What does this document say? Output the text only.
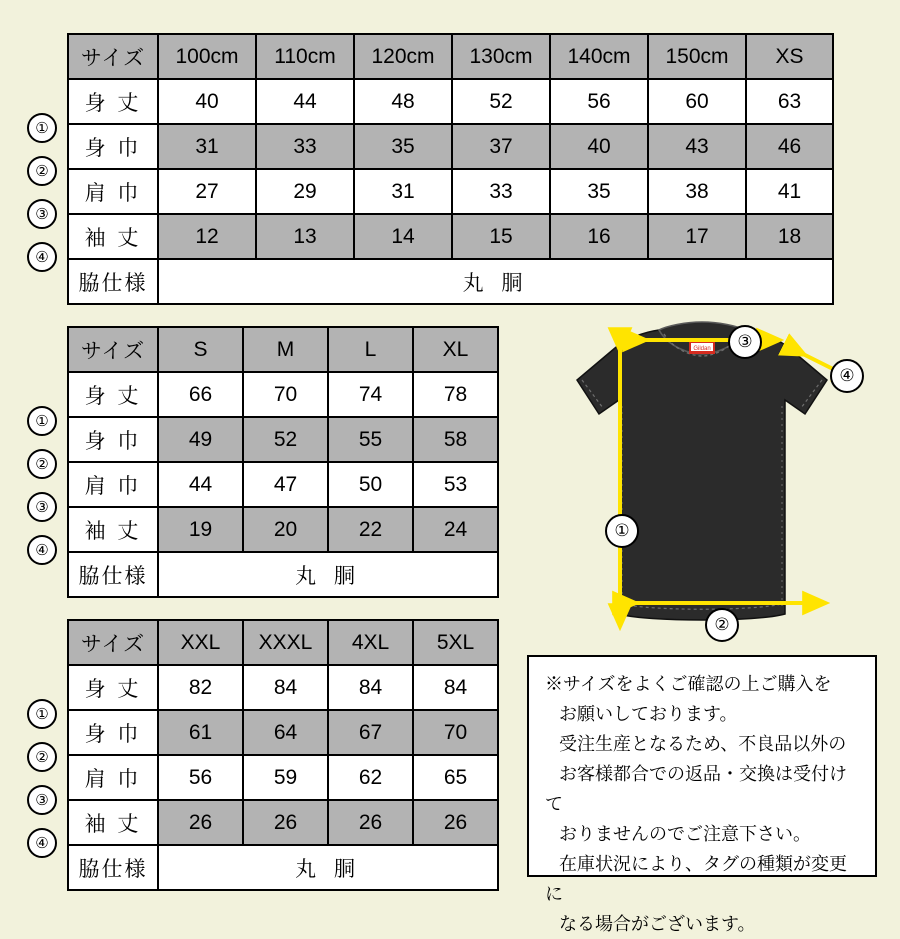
サイズ	100cm	110cm	120cm	130cm	140cm	150cm	XS
身 丈	40	44	48	52	56	60	63
身 巾	31	33	35	37	40	43	46
肩 巾	27	29	31	33	35	38	41
袖 丈	12	13	14	15	16	17	18
脇仕様	丸 胴						
①
②
③
④
サイズ	S	M	L	XL
身 丈	66	70	74	78
身 巾	49	52	55	58
肩 巾	44	47	50	53
袖 丈	19	20	22	24
脇仕様	丸 胴			
①
②
③
④
サイズ	XXL	XXXL	4XL	5XL
身 丈	82	84	84	84
身 巾	61	64	67	70
肩 巾	56	59	62	65
袖 丈	26	26	26	26
脇仕様	丸 胴			
①
②
③
④
Gildan	③
④
①
②

※サイズをよくご確認の上ご購入を

お願いしております。

受注生産となるため、不良品以外の

お客様都合での返品・交換は受付けて

おりませんのでご注意下さい。

在庫状況により、タグの種類が変更に

なる場合がございます。
